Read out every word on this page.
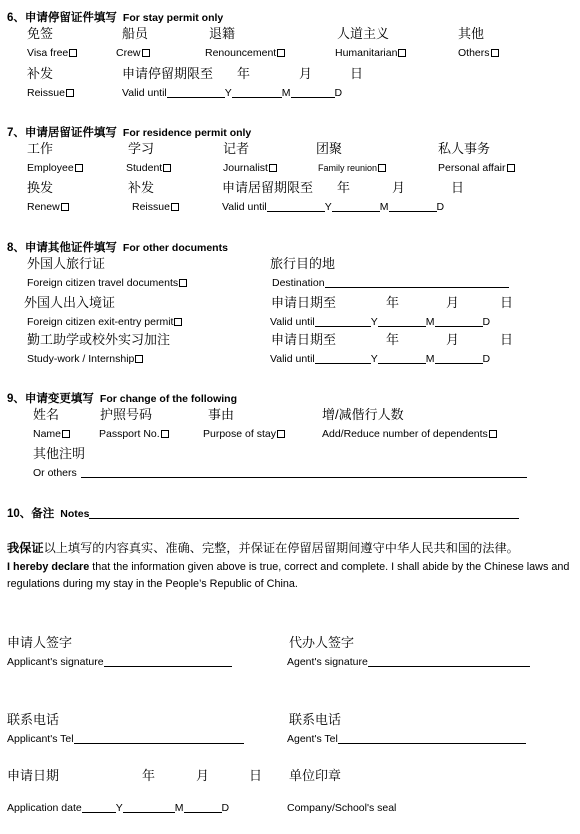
6、申请停留证件填写 For stay permit only
免签	船员	退籍	人道主义	其他
Visa free	Crew	Renouncement	Humanitarian	Others
补发	申请停留期限至 年	月	日
Reissue	Valid until	Y	M	D
7、申请居留证件填写 For residence permit only
工作	学习	记者	团聚	私人事务
Employee	Student	Journalist	Family reunion	Personal affair
换发	补发	申请居留期限至 年	月	日
Renew	Reissue	Valid until	Y	M	D
8、申请其他证件填写 For other documents
外国人旅行证	旅行目的地
Foreign citizen travel documents	Destination
外国人出入境证	申请日期至	年	月	日
Foreign citizen exit-entry permit	Valid until	Y	M	D
勤工助学或校外实习加注	申请日期至	年	月	日
Study-work / Internship	Valid until	Y	M	D
9、申请变更填写 For change of the following
姓名	护照号码	事由	增/减偕行人数
Name	Passport No.	Purpose of stay	Add/Reduce number of dependents
其他注明
Or others
10、备注 Notes
我保证以上填写的内容真实、准确、完整，并保证在停留居留期间遵守中华人民共和国的法律。
I hereby declare that the information given above is true, correct and complete. I shall abide by the Chinese laws and regulations during my stay in the People’s Republic of China.
申请人签字	代办人签字
Applicant's signature	Agent's signature
联系电话	联系电话
Applicant's Tel	Agent's Tel
申请日期	年	月	日 单位印章
Application date	Y	M	D	Company/School's seal
